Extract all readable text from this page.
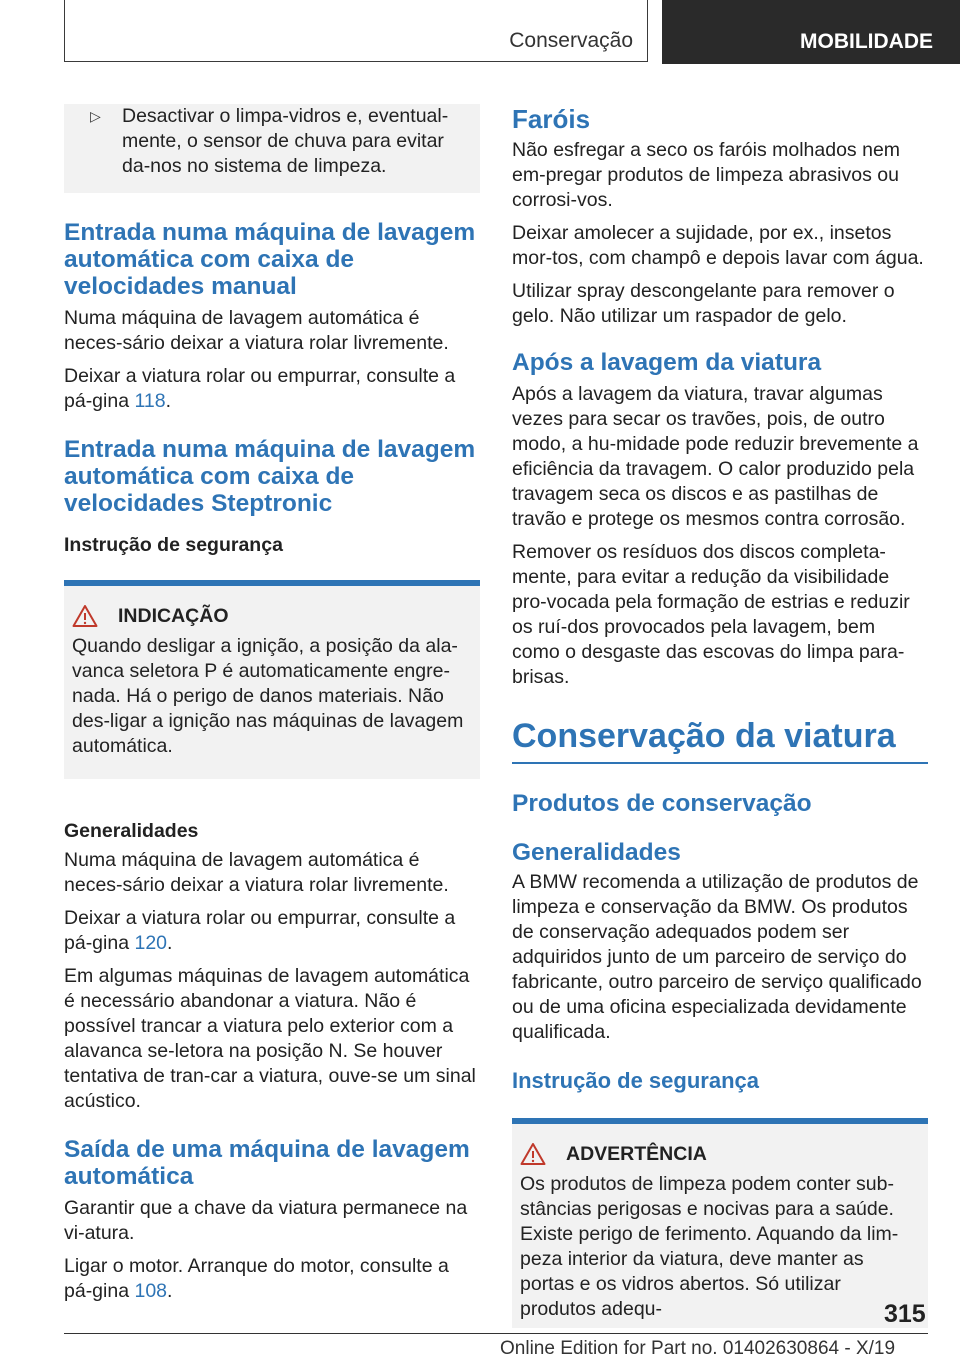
Conservação	MOBILIDADE
▷	Desactivar o limpa-vidros e, eventual-mente, o sensor de chuva para evitar da-nos no sistema de limpeza.

Entrada numa máquina de lavagem automática com caixa de velocidades manual

Numa máquina de lavagem automática é neces-sário deixar a viatura rolar livremente.

Deixar a viatura rolar ou empurrar, consulte a pá-gina 118.

Entrada numa máquina de lavagem automática com caixa de velocidades Steptronic
Instrução de segurança
INDICAÇÃO

Quando desligar a ignição, a posição da ala-vanca seletora P é automaticamente engre-nada. Há o perigo de danos materiais. Não des-ligar a ignição nas máquinas de lavagem automática.

Generalidades

Numa máquina de lavagem automática é neces-sário deixar a viatura rolar livremente.

Deixar a viatura rolar ou empurrar, consulte a pá-gina 120.

Em algumas máquinas de lavagem automática é necessário abandonar a viatura. Não é possível trancar a viatura pelo exterior com a alavanca se-letora na posição N. Se houver tentativa de tran-car a viatura, ouve-se um sinal acústico.

Saída de uma máquina de lavagem automática

Garantir que a chave da viatura permanece na vi-atura.

Ligar o motor. Arranque do motor, consulte a pá-gina 108.

Faróis

Não esfregar a seco os faróis molhados nem em-pregar produtos de limpeza abrasivos ou corrosi-vos.

Deixar amolecer a sujidade, por ex., insetos mor-tos, com champô e depois lavar com água.

Utilizar spray descongelante para remover o gelo. Não utilizar um raspador de gelo.

Após a lavagem da viatura

Após a lavagem da viatura, travar algumas vezes para secar os travões, pois, de outro modo, a hu-midade pode reduzir brevemente a eficiência da travagem. O calor produzido pela travagem seca os discos e as pastilhas de travão e protege os mesmos contra corrosão.

Remover os resíduos dos discos completa-mente, para evitar a redução da visibilidade pro-vocada pela formação de estrias e reduzir os ruí-dos provocados pela lavagem, bem como o desgaste das escovas do limpa para-brisas.

Conservação da viatura
Produtos de conservação
Generalidades

A BMW recomenda a utilização de produtos de limpeza e conservação da BMW. Os produtos de conservação adequados podem ser adquiridos junto de um parceiro de serviço do fabricante, outro parceiro de serviço qualificado ou de uma oficina especializada devidamente qualificada.

Instrução de segurança
ADVERTÊNCIA

Os produtos de limpeza podem conter sub-stâncias perigosas e nocivas para a saúde. Existe perigo de ferimento. Aquando da lim-peza interior da viatura, deve manter as portas e os vidros abertos. Só utilizar produtos adequ-	315
Online Edition for Part no. 01402630864 - X/19
